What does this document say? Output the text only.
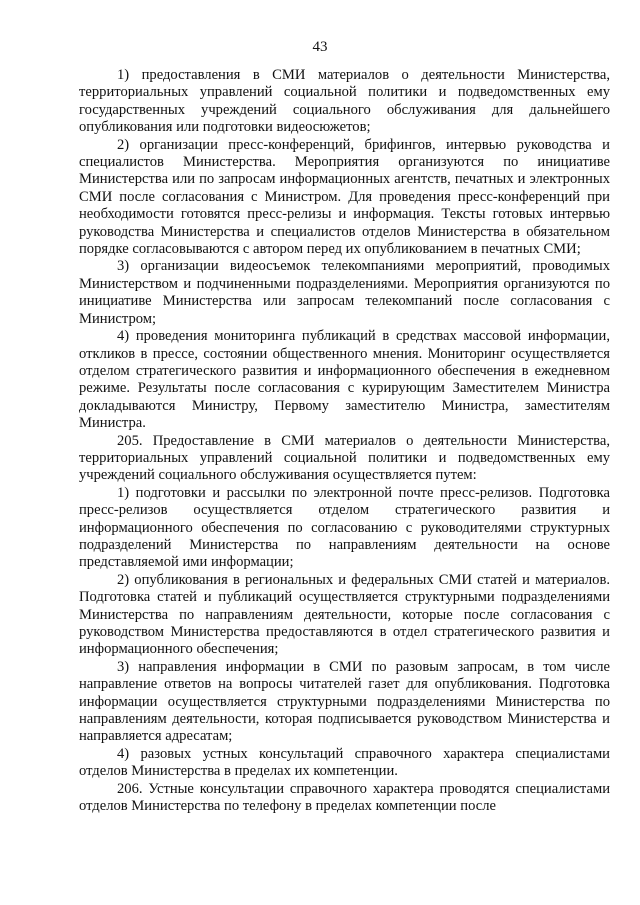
43

1) предоставления в СМИ материалов о деятельности Министерства, территориальных управлений социальной политики и подведомственных ему государственных учреждений социального обслуживания для дальнейшего опубликования или подготовки видеосюжетов;

2) организации пресс-конференций, брифингов, интервью руководства и специалистов Министерства. Мероприятия организуются по инициативе Министерства или по запросам информационных агентств, печатных и электронных СМИ после согласования с Министром. Для проведения пресс-конференций при необходимости готовятся пресс-релизы и информация. Тексты готовых интервью руководства Министерства и специалистов отделов Министерства в обязательном порядке согласовываются с автором перед их опубликованием в печатных СМИ;

3) организации видеосъемок телекомпаниями мероприятий, проводимых Министерством и подчиненными подразделениями. Мероприятия организуются по инициативе Министерства или запросам телекомпаний после согласования с Министром;

4) проведения мониторинга публикаций в средствах массовой информации, откликов в прессе, состоянии общественного мнения. Мониторинг осуществляется отделом стратегического развития и информационного обеспечения в ежедневном режиме. Результаты после согласования с курирующим Заместителем Министра докладываются Министру, Первому заместителю Министра, заместителям Министра.

205. Предоставление в СМИ материалов о деятельности Министерства, территориальных управлений социальной политики и подведомственных ему учреждений социального обслуживания осуществляется путем:

1) подготовки и рассылки по электронной почте пресс-релизов. Подготовка пресс-релизов осуществляется отделом стратегического развития и информационного обеспечения по согласованию с руководителями структурных подразделений Министерства по направлениям деятельности на основе представляемой ими информации;

2) опубликования в региональных и федеральных СМИ статей и материалов. Подготовка статей и публикаций осуществляется структурными подразделениями Министерства по направлениям деятельности, которые после согласования с руководством Министерства предоставляются в отдел стратегического развития и информационного обеспечения;

3) направления информации в СМИ по разовым запросам, в том числе направление ответов на вопросы читателей газет для опубликования. Подготовка информации осуществляется структурными подразделениями Министерства по направлениям деятельности, которая подписывается руководством Министерства и направляется адресатам;

4) разовых устных консультаций справочного характера специалистами отделов Министерства в пределах их компетенции.

206. Устные консультации справочного характера проводятся специалистами отделов Министерства по телефону в пределах компетенции после
